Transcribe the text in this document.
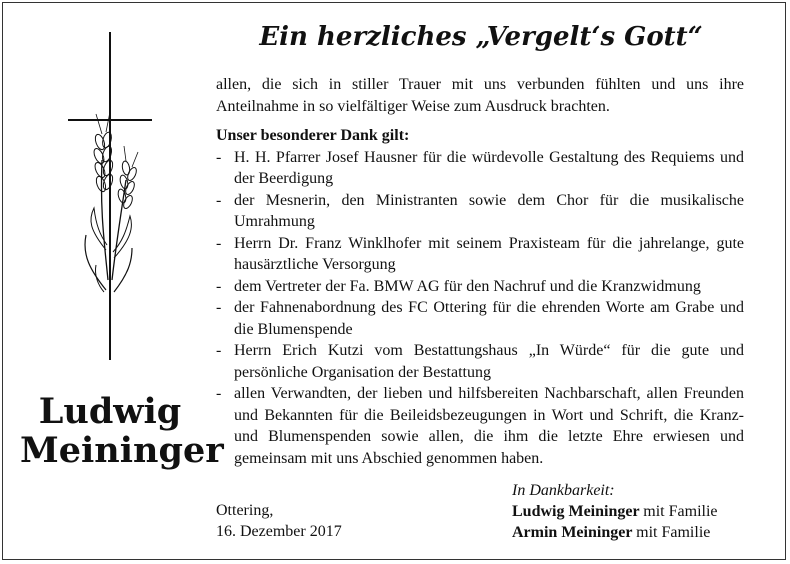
Ludwig
Meininger
Ein herzliches „Vergelt‘s Gott“

allen, die sich in stiller Trauer mit uns verbunden fühlten und uns ihre Anteilnahme in so vielfältiger Weise zum Ausdruck brachten.

Unser besonderer Dank gilt:

- H. H. Pfarrer Josef Hausner für die würdevolle Gestaltung des Requiems und der Beerdigung
- der Mesnerin, den Ministranten sowie dem Chor für die musikalische Umrahmung
- Herrn Dr. Franz Winklhofer mit seinem Praxisteam für die jahrelange, gute hausärztliche Versorgung
- dem Vertreter der Fa. BMW AG für den Nachruf und die Kranzwidmung
- der Fahnenabordnung des FC Ottering für die ehrenden Worte am Grabe und die Blumenspende
- Herrn Erich Kutzi vom Bestattungshaus „In Würde“ für die gute und persönliche Organisation der Bestattung
- allen Verwandten, der lieben und hilfsbereiten Nachbarschaft, allen Freunden und Bekannten für die Beileidsbezeugungen in Wort und Schrift, die Kranz- und Blumenspenden sowie allen, die ihm die letzte Ehre erwiesen und gemeinsam mit uns Abschied genommen haben.
Ottering,
16. Dezember 2017
In Dankbarkeit:
Ludwig Meininger mit Familie
Armin Meininger mit Familie
